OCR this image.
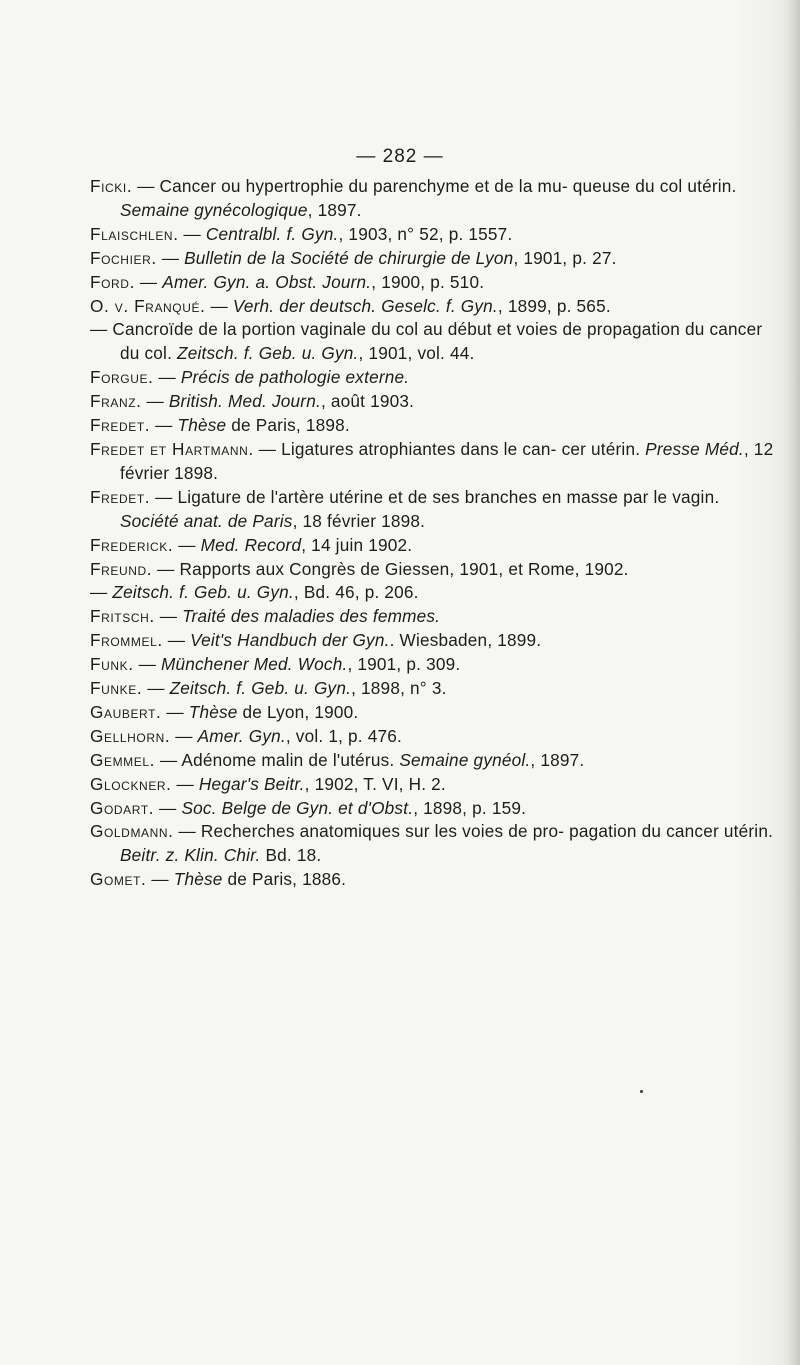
— 282 —
Ficki. — Cancer ou hypertrophie du parenchyme et de la mu- queuse du col utérin. Semaine gynécologique, 1897.
Flaischlen. — Centralbl. f. Gyn., 1903, n° 52, p. 1557.
Fochier. — Bulletin de la Société de chirurgie de Lyon, 1901, p. 27.
Ford. — Amer. Gyn. a. Obst. Journ., 1900, p. 510.
O. v. Franqué. — Verh. der deutsch. Geselc. f. Gyn., 1899, p. 565.
— Cancroïde de la portion vaginale du col au début et voies de propagation du cancer du col. Zeitsch. f. Geb. u. Gyn., 1901, vol. 44.
Forgue. — Précis de pathologie externe.
Franz. — British. Med. Journ., août 1903.
Fredet. — Thèse de Paris, 1898.
Fredet et Hartmann. — Ligatures atrophiantes dans le can- cer utérin. Presse Méd., 12 février 1898.
Fredet. — Ligature de l'artère utérine et de ses branches en masse par le vagin. Société anat. de Paris, 18 février 1898.
Frederick. — Med. Record, 14 juin 1902.
Freund. — Rapports aux Congrès de Giessen, 1901, et Rome, 1902.
— Zeitsch. f. Geb. u. Gyn., Bd. 46, p. 206.
Fritsch. — Traité des maladies des femmes.
Frommel. — Veit's Handbuch der Gyn.. Wiesbaden, 1899.
Funk. — Münchener Med. Woch., 1901, p. 309.
Funke. — Zeitsch. f. Geb. u. Gyn., 1898, n° 3.
Gaubert. — Thèse de Lyon, 1900.
Gellhorn. — Amer. Gyn., vol. 1, p. 476.
Gemmel. — Adénome malin de l'utérus. Semaine gynéol., 1897.
Glockner. — Hegar's Beitr., 1902, T. VI, H. 2.
Godart. — Soc. Belge de Gyn. et d'Obst., 1898, p. 159.
Goldmann. — Recherches anatomiques sur les voies de pro- pagation du cancer utérin. Beitr. z. Klin. Chir. Bd. 18.
Gomet. — Thèse de Paris, 1886.
